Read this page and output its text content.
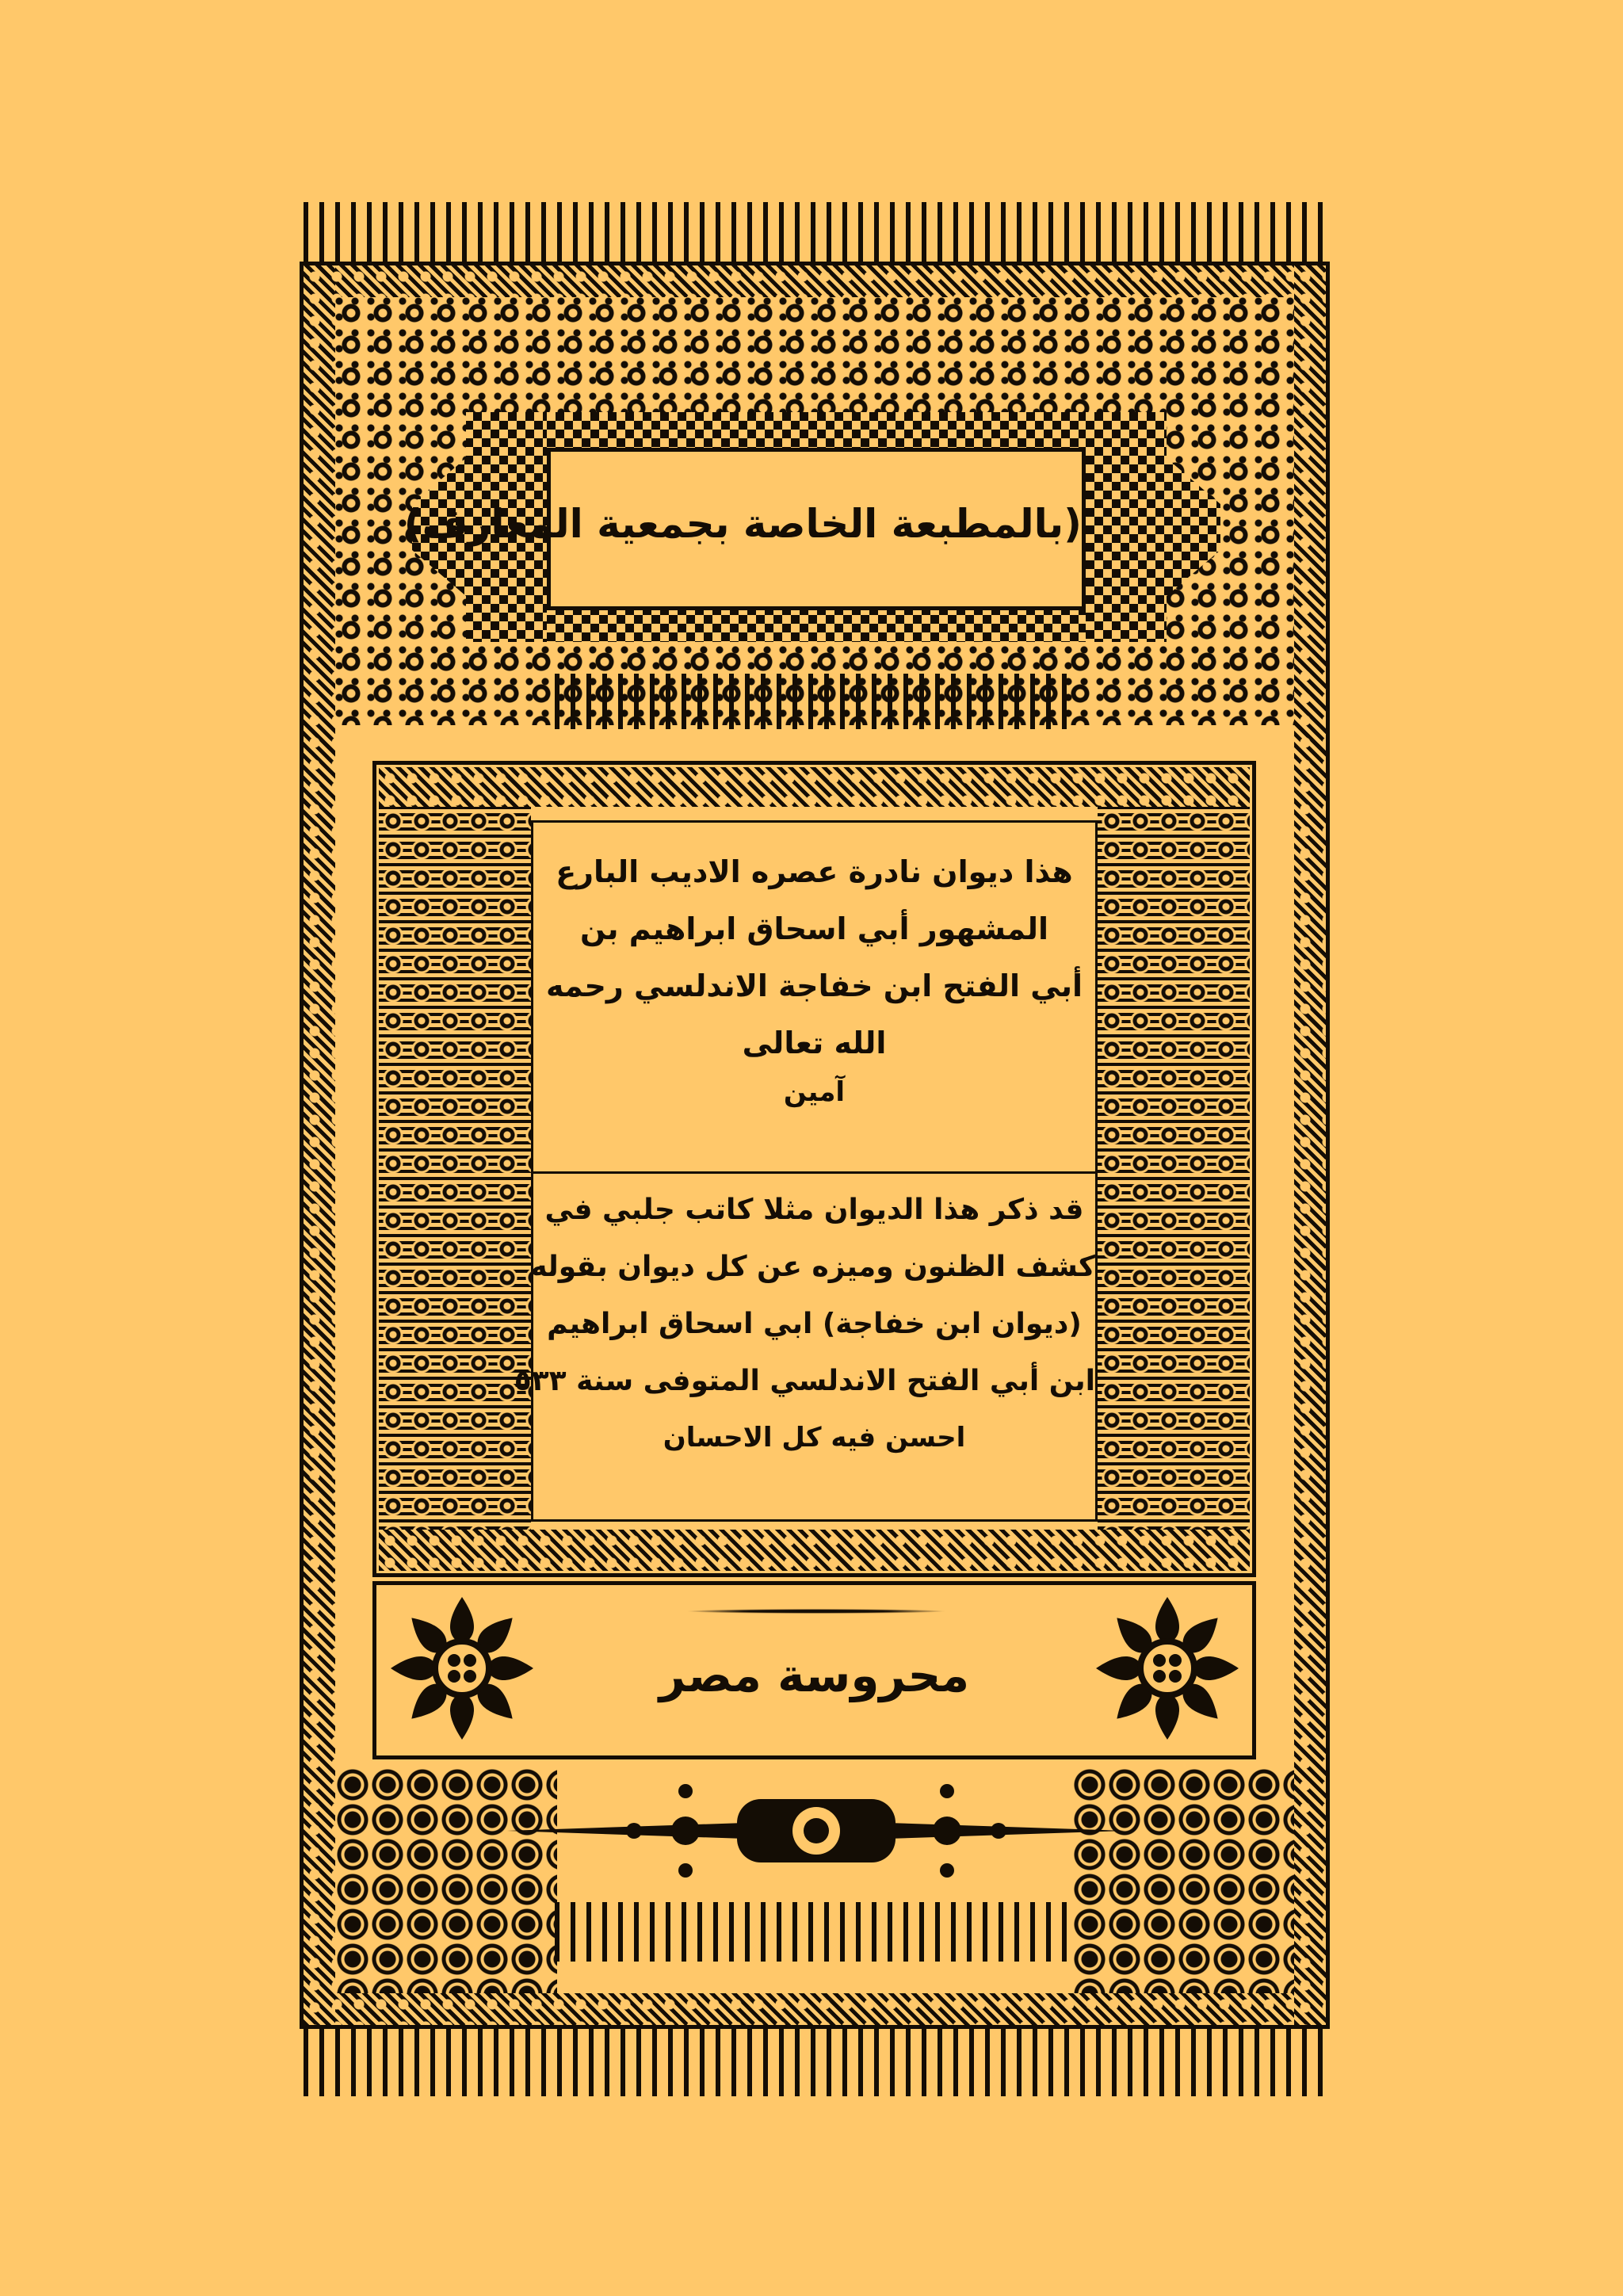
(بالمطبعة الخاصة بجمعية المعارف)
هذا ديوان نادرة عصره الاديب البارع
المشهور أبي اسحاق ابراهيم بن
أبي الفتح ابن خفاجة الاندلسي رحمه
الله تعالى
آمين
قد ذكر هذا الديوان مثلا كاتب جلبي في
كشف الظنون وميزه عن كل ديوان بقوله
(ديوان ابن خفاجة) ابي اسحاق ابراهيم
ابن أبي الفتح الاندلسي المتوفى سنة ٥٣٣
احسن فيه كل الاحسان
محروسة مصر
